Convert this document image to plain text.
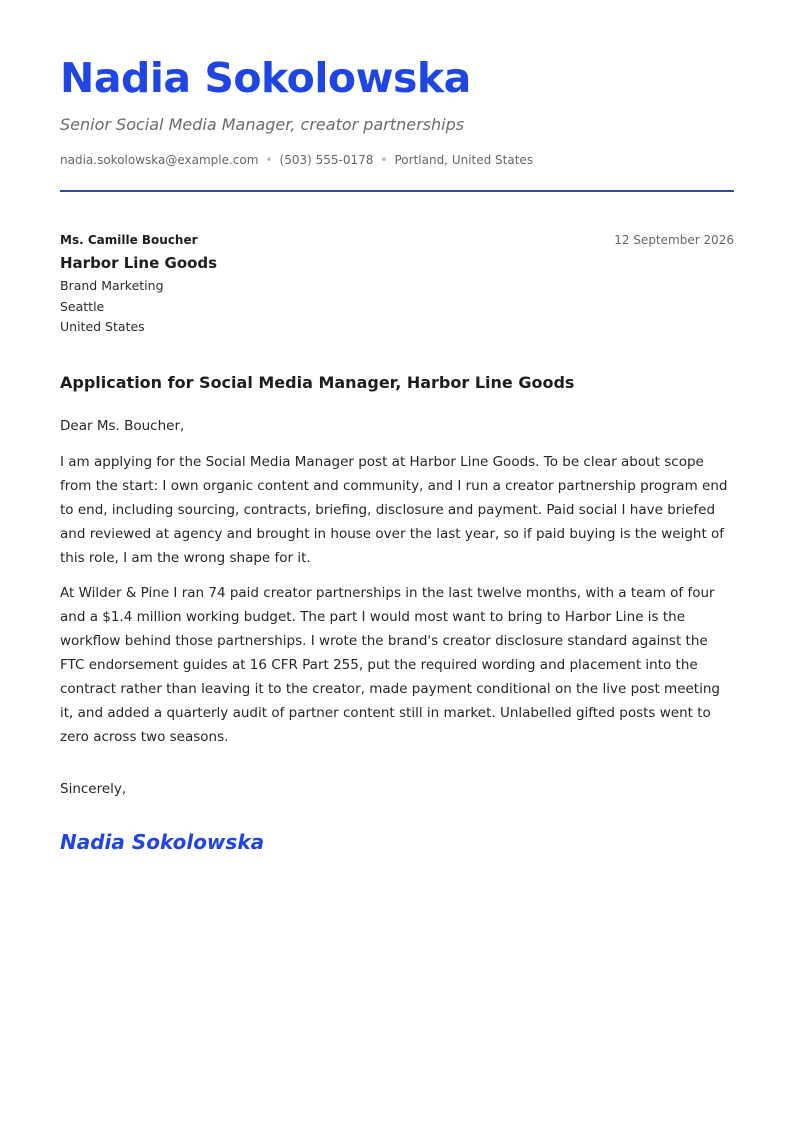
Nadia Sokolowska
Senior Social Media Manager, creator partnerships
nadia.sokolowska@example.com • (503) 555-0178 • Portland, United States
Ms. Camille Boucher	12 September 2026
Harbor Line Goods
Brand Marketing
Seattle
United States
Application for Social Media Manager, Harbor Line Goods
Dear Ms. Boucher,
I am applying for the Social Media Manager post at Harbor Line Goods. To be clear about scope from the start: I own organic content and community, and I run a creator partnership program end to end, including sourcing, contracts, briefing, disclosure and payment. Paid social I have briefed and reviewed at agency and brought in house over the last year, so if paid buying is the weight of this role, I am the wrong shape for it.
At Wilder & Pine I ran 74 paid creator partnerships in the last twelve months, with a team of four and a $1.4 million working budget. The part I would most want to bring to Harbor Line is the workflow behind those partnerships. I wrote the brand's creator disclosure standard against the FTC endorsement guides at 16 CFR Part 255, put the required wording and placement into the contract rather than leaving it to the creator, made payment conditional on the live post meeting it, and added a quarterly audit of partner content still in market. Unlabelled gifted posts went to zero across two seasons.
Sincerely,
Nadia Sokolowska
